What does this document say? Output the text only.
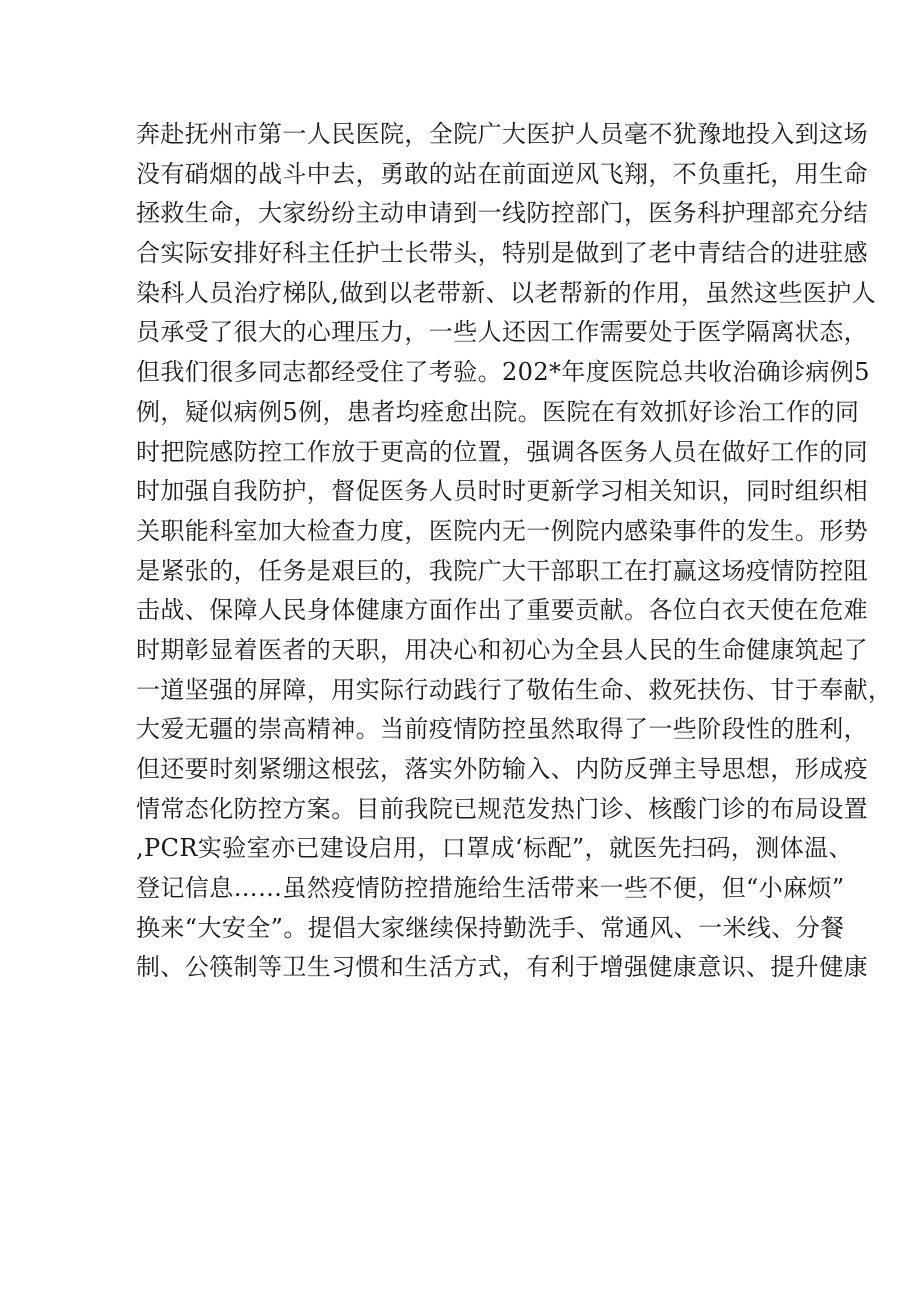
奔赴抚州市第一人民医院，全院广大医护人员毫不犹豫地投入到这场
没有硝烟的战斗中去，勇敢的站在前面逆风飞翔，不负重托，用生命
拯救生命，大家纷纷主动申请到一线防控部门，医务科护理部充分结
合实际安排好科主任护士长带头，特别是做到了老中青结合的进驻感
染科人员治疗梯队,做到以老带新、以老帮新的作用，虽然这些医护人
员承受了很大的心理压力，一些人还因工作需要处于医学隔离状态，
但我们很多同志都经受住了考验。202*年度医院总共收治确诊病例5
例，疑似病例5例，患者均痊愈出院。医院在有效抓好诊治工作的同
时把院感防控工作放于更高的位置，强调各医务人员在做好工作的同
时加强自我防护，督促医务人员时时更新学习相关知识，同时组织相
关职能科室加大检查力度，医院内无一例院内感染事件的发生。形势
是紧张的，任务是艰巨的，我院广大干部职工在打赢这场疫情防控阻
击战、保障人民身体健康方面作出了重要贡献。各位白衣天使在危难
时期彰显着医者的天职，用决心和初心为全县人民的生命健康筑起了
一道坚强的屏障，用实际行动践行了敬佑生命、救死扶伤、甘于奉献，
大爱无疆的崇高精神。当前疫情防控虽然取得了一些阶段性的胜利，
但还要时刻紧绷这根弦，落实外防输入、内防反弹主导思想，形成疫
情常态化防控方案。目前我院已规范发热门诊、核酸门诊的布局设置
,PCR实验室亦已建设启用，口罩成‘标配”，就医先扫码，测体温、
登记信息……虽然疫情防控措施给生活带来一些不便，但“小麻烦”
换来“大安全”。提倡大家继续保持勤洗手、常通风、一米线、分餐
制、公筷制等卫生习惯和生活方式，有利于增强健康意识、提升健康
